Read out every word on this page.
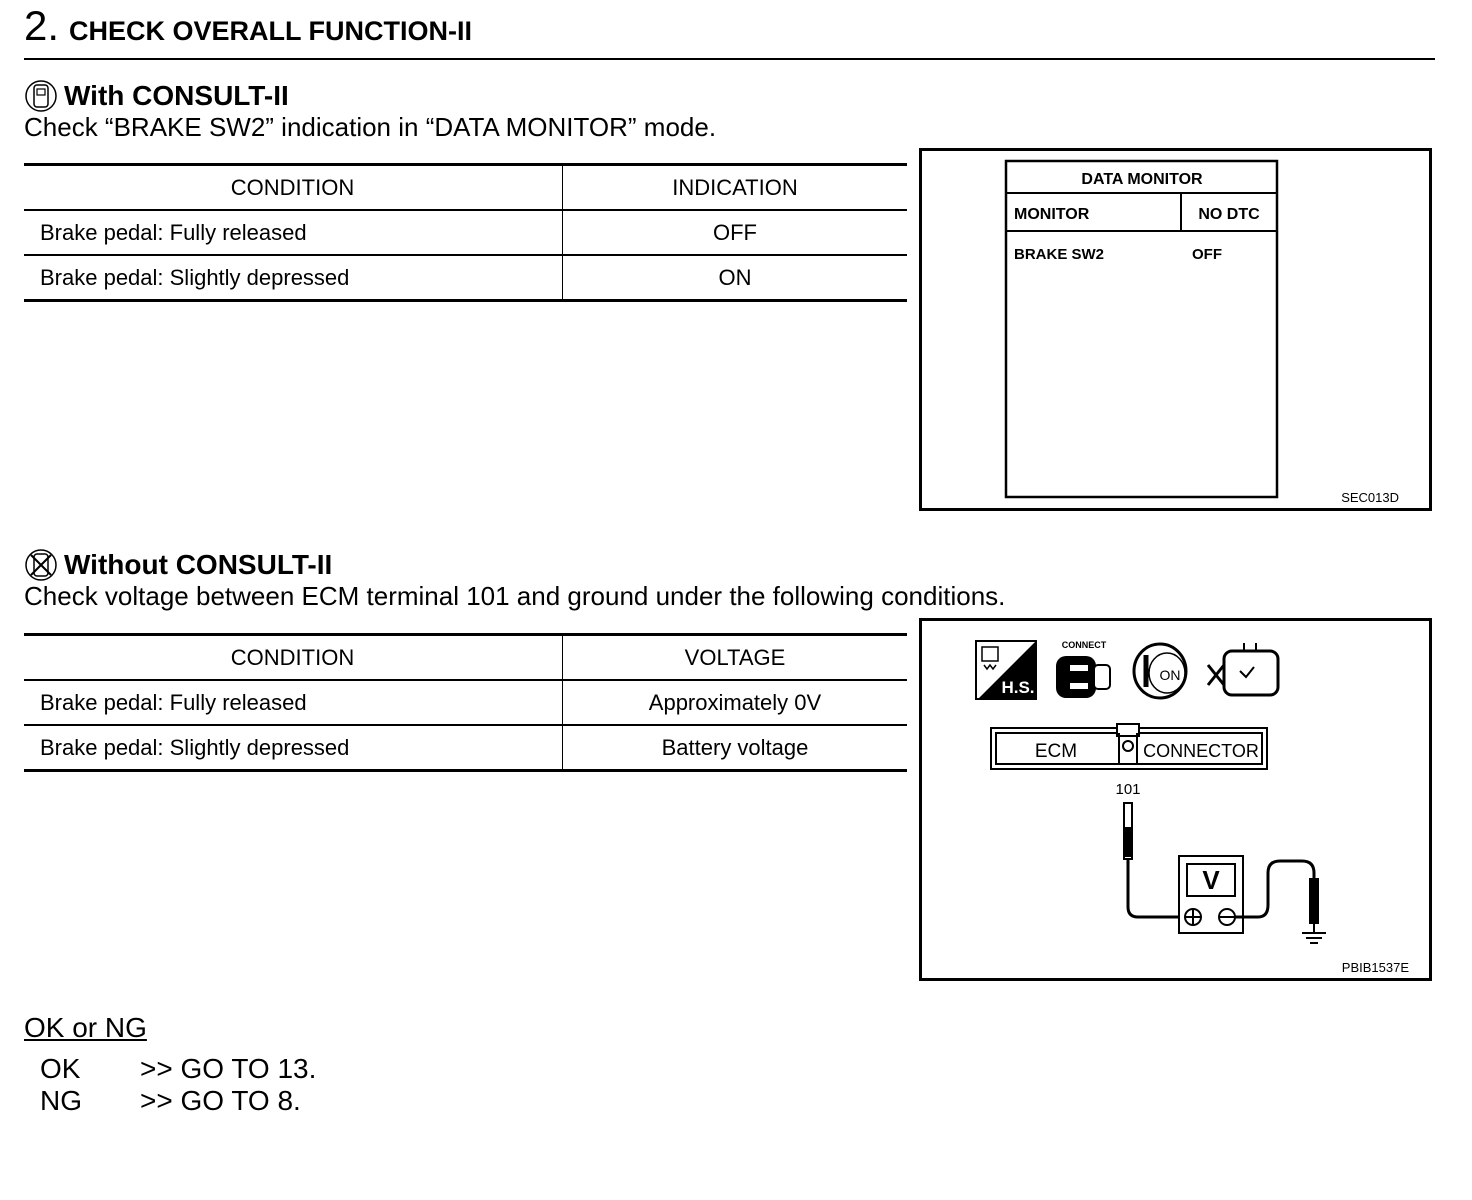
2. CHECK OVERALL FUNCTION-II
With CONSULT-II
Check “BRAKE SW2” indication in “DATA MONITOR” mode.
CONDITION	INDICATION
Brake pedal: Fully released	OFF
Brake pedal: Slightly depressed	ON
DATA MONITOR
MONITOR	NO DTC
BRAKE SW2	OFF
SEC013D
Without CONSULT-II
Check voltage between ECM terminal 101 and ground under the following conditions.
CONDITION	VOLTAGE
Brake pedal: Fully released	Approximately 0V
Brake pedal: Slightly depressed	Battery voltage
H.S.
CONNECT
ON
ECM	CONNECTOR
101
V
PBIB1537E
OK or NG
OK >> GO TO 13.
NG >> GO TO 8.
